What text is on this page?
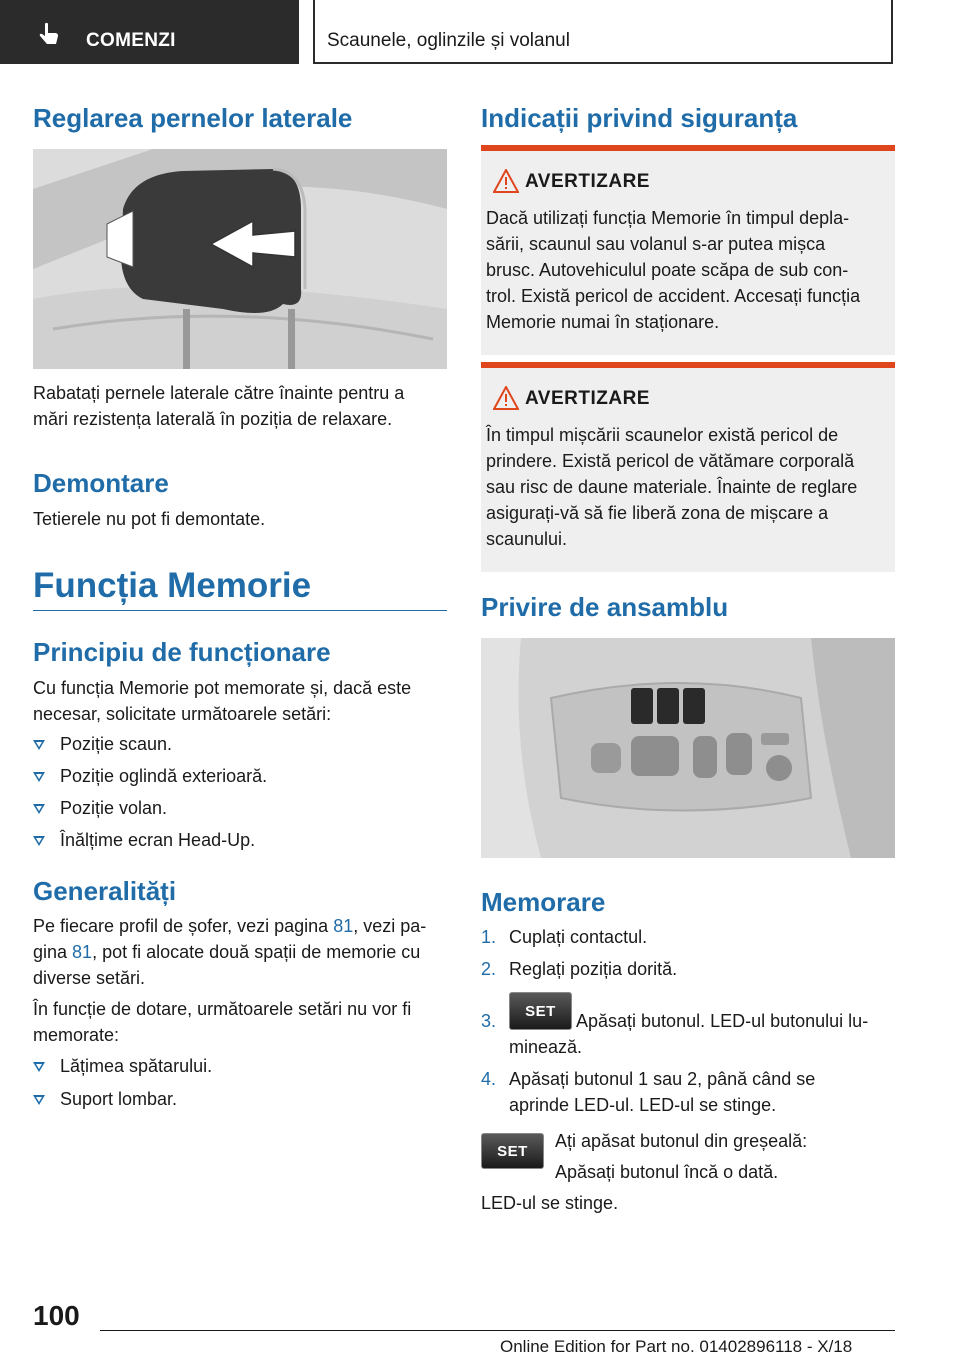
COMENZI	Scaunele, oglinzile și volanul
Reglarea pernelor laterale

Rabatați pernele laterale către înainte pentru a

mări rezistența laterală în poziția de relaxare.

Demontare

Tetierele nu pot fi demontate.

Funcția Memorie
Principiu de funcționare

Cu funcția Memorie pot memorate și, dacă este

necesar, solicitate următoarele setări:

Poziție scaun.
Poziție oglindă exterioară.
Poziție volan.
Înălțime ecran Head-Up.
Generalități

Pe fiecare profil de șofer, vezi pagina 81, vezi pa-

gina 81, pot fi alocate două spații de memorie cu

diverse setări.

În funcție de dotare, următoarele setări nu vor fi

memorate:

Lățimea spătarului.
Suport lombar.
Indicații privind siguranța
AVERTIZARE
Dacă utilizați funcția Memorie în timpul depla-
sării, scaunul sau volanul s-ar putea mișca
brusc. Autovehiculul poate scăpa de sub con-
trol. Există pericol de accident. Accesați funcția
Memorie numai în staționare.
AVERTIZARE
În timpul mișcării scaunelor există pericol de
prindere. Există pericol de vătămare corporală
sau risc de daune materiale. Înainte de reglare
asigurați-vă să fie liberă zona de mișcare a
scaunului.
Privire de ansamblu
Memorare
1. Cuplați contactul.
2. Reglați poziția dorită.
3.	SET	Apăsați butonul. LED-ul butonului lu-
minează.
4. Apăsați butonul 1 sau 2, până când se
aprinde LED-ul. LED-ul se stinge.
SET

Ați apăsat butonul din greșeală:

Apăsați butonul încă o dată.

LED-ul se stinge.

100
Online Edition for Part no. 01402896118 - X/18
